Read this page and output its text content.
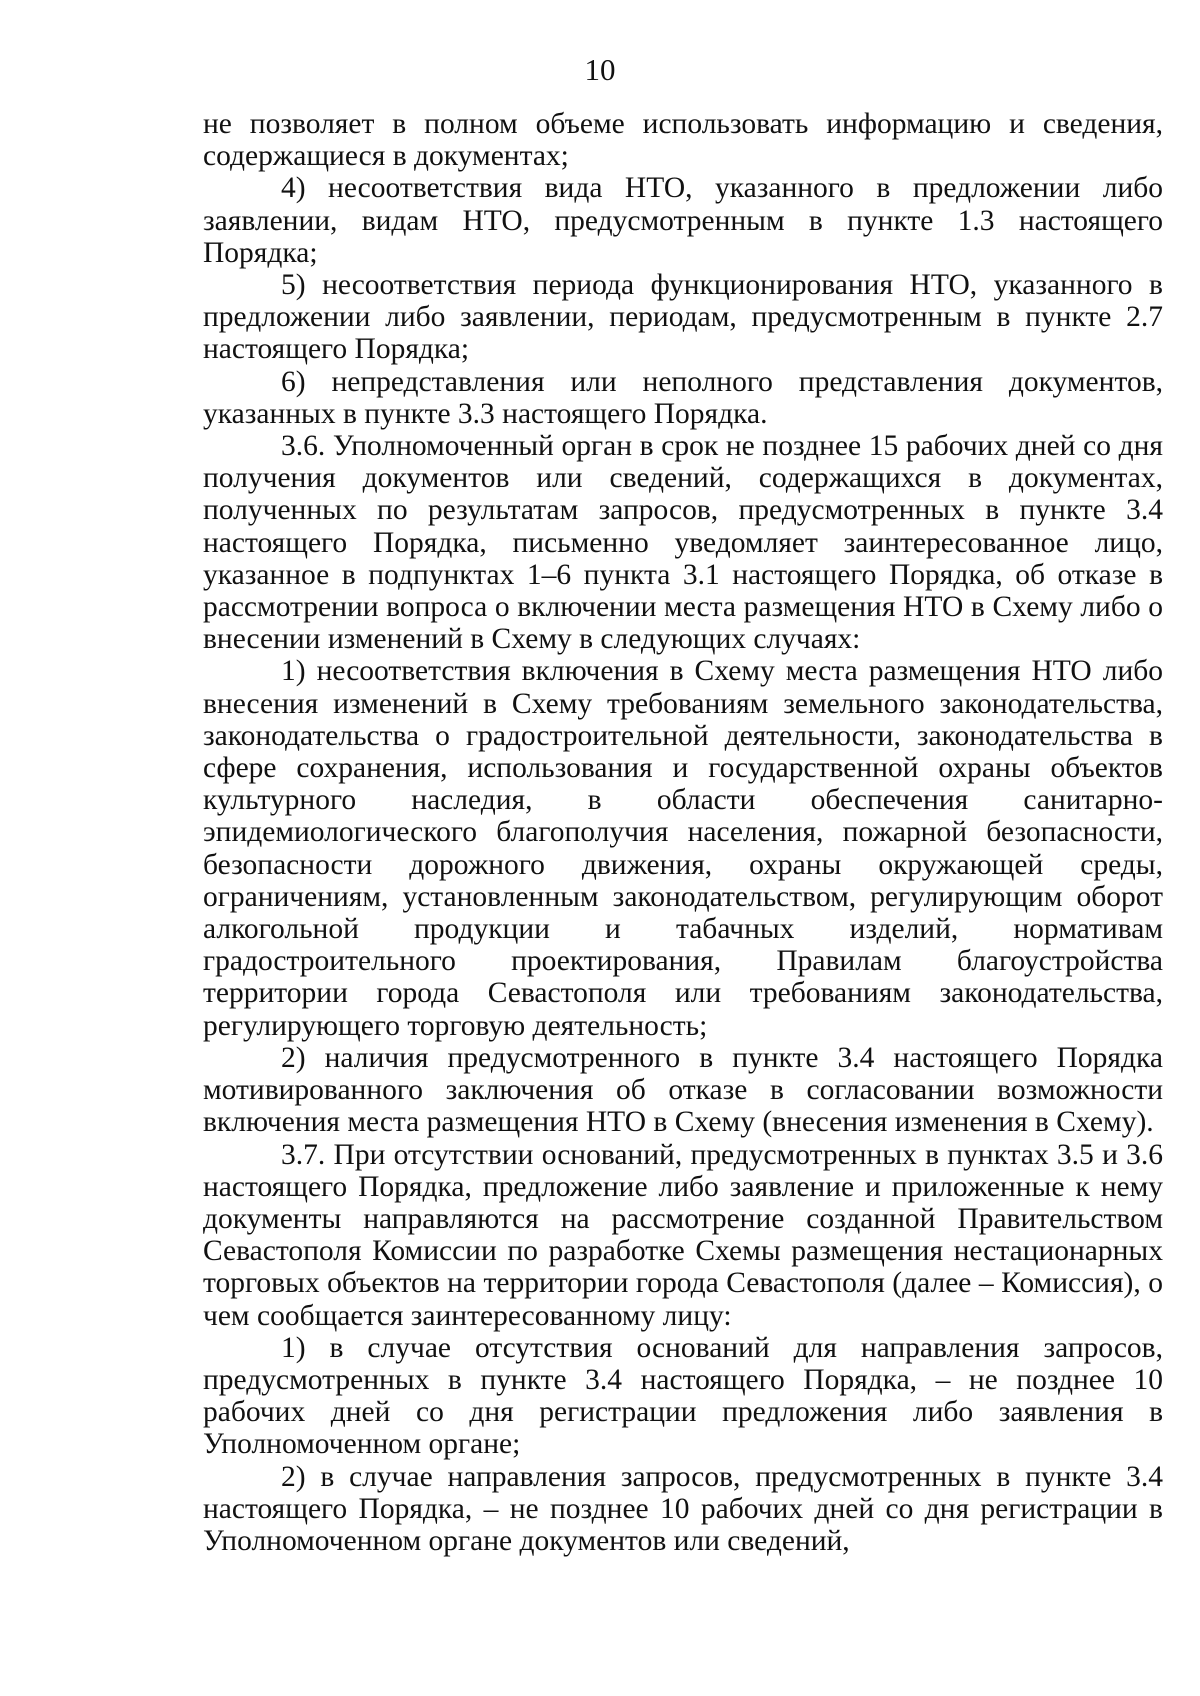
10

не позволяет в полном объеме использовать информацию и сведения, содержащиеся в документах;

4) несоответствия вида НТО, указанного в предложении либо заявлении, видам НТО, предусмотренным в пункте 1.3 настоящего Порядка;

5) несоответствия периода функционирования НТО, указанного в предложении либо заявлении, периодам, предусмотренным в пункте 2.7 настоящего Порядка;

6) непредставления или неполного представления документов, указанных в пункте 3.3 настоящего Порядка.

3.6. Уполномоченный орган в срок не позднее 15 рабочих дней со дня получения документов или сведений, содержащихся в документах, полученных по результатам запросов, предусмотренных в пункте 3.4 настоящего Порядка, письменно уведомляет заинтересованное лицо, указанное в подпунктах 1–6 пункта 3.1 настоящего Порядка, об отказе в рассмотрении вопроса о включении места размещения НТО в Схему либо о внесении изменений в Схему в следующих случаях:

1) несоответствия включения в Схему места размещения НТО либо внесения изменений в Схему требованиям земельного законодательства, законодательства о градостроительной деятельности, законодательства в сфере сохранения, использования и государственной охраны объектов культурного наследия, в области обеспечения санитарно-эпидемиологического благополучия населения, пожарной безопасности, безопасности дорожного движения, охраны окружающей среды, ограничениям, установленным законодательством, регулирующим оборот алкогольной продукции и табачных изделий, нормативам градостроительного проектирования, Правилам благоустройства территории города Севастополя или требованиям законодательства, регулирующего торговую деятельность;

2) наличия предусмотренного в пункте 3.4 настоящего Порядка мотивированного заключения об отказе в согласовании возможности включения места размещения НТО в Схему (внесения изменения в Схему).

3.7. При отсутствии оснований, предусмотренных в пунктах 3.5 и 3.6 настоящего Порядка, предложение либо заявление и приложенные к нему документы направляются на рассмотрение созданной Правительством Севастополя Комиссии по разработке Схемы размещения нестационарных торговых объектов на территории города Севастополя (далее – Комиссия), о чем сообщается заинтересованному лицу:

1) в случае отсутствия оснований для направления запросов, предусмотренных в пункте 3.4 настоящего Порядка, – не позднее 10 рабочих дней со дня регистрации предложения либо заявления в Уполномоченном органе;

2) в случае направления запросов, предусмотренных в пункте 3.4 настоящего Порядка, – не позднее 10 рабочих дней со дня регистрации в Уполномоченном органе документов или сведений,
